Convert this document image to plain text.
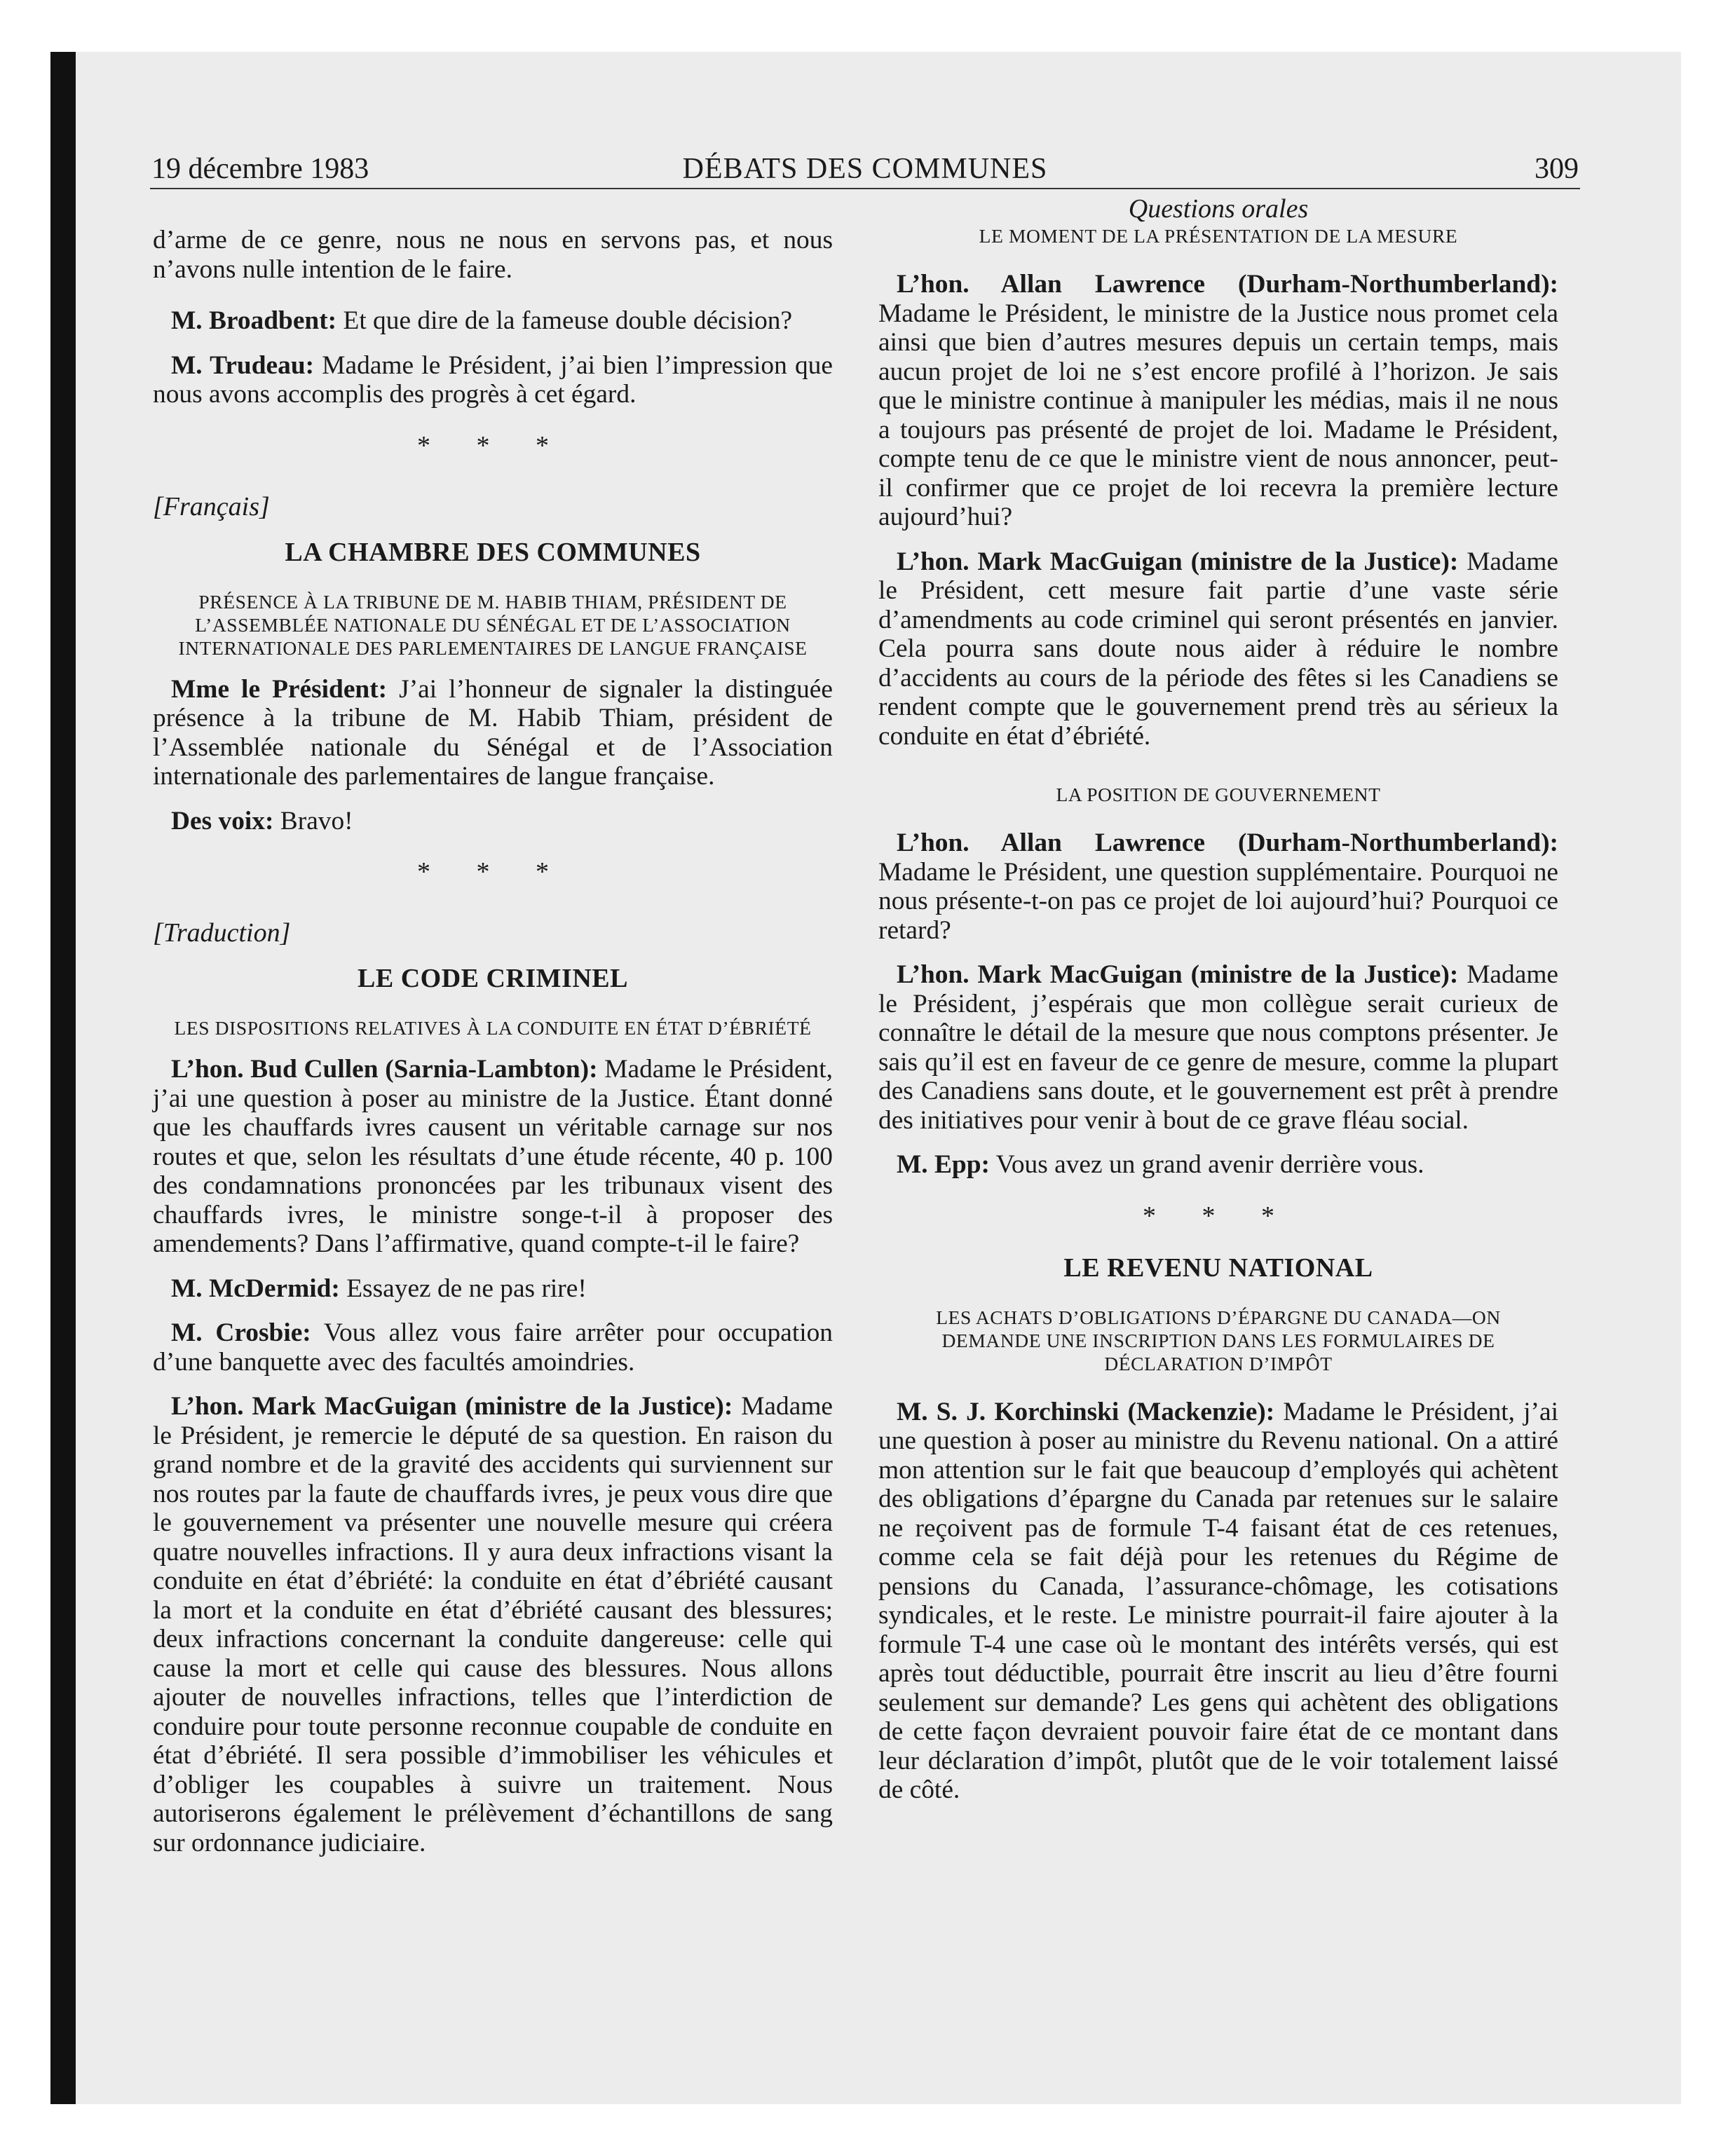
19 décembre 1983	DÉBATS DES COMMUNES	309

d’arme de ce genre, nous ne nous en servons pas, et nous n’avons nulle intention de le faire.

M. Broadbent: Et que dire de la fameuse double décision?

M. Trudeau: Madame le Président, j’ai bien l’impression que nous avons accomplis des progrès à cet égard.

* * *
[Français]
LA CHAMBRE DES COMMUNES
PRÉSENCE À LA TRIBUNE DE M. HABIB THIAM, PRÉSIDENT DE L’ASSEMBLÉE NATIONALE DU SÉNÉGAL ET DE L’ASSOCIATION INTERNATIONALE DES PARLEMENTAIRES DE LANGUE FRANÇAISE

Mme le Président: J’ai l’honneur de signaler la distinguée présence à la tribune de M. Habib Thiam, président de l’Assemblée nationale du Sénégal et de l’Association internationale des parlementaires de langue française.

Des voix: Bravo!

* * *
[Traduction]
LE CODE CRIMINEL
LES DISPOSITIONS RELATIVES À LA CONDUITE EN ÉTAT D’ÉBRIÉTÉ

L’hon. Bud Cullen (Sarnia-Lambton): Madame le Président, j’ai une question à poser au ministre de la Justice. Étant donné que les chauffards ivres causent un véritable carnage sur nos routes et que, selon les résultats d’une étude récente, 40 p. 100 des condamnations prononcées par les tribunaux visent des chauffards ivres, le ministre songe-t-il à proposer des amendements? Dans l’affirmative, quand compte-t-il le faire?

M. McDermid: Essayez de ne pas rire!

M. Crosbie: Vous allez vous faire arrêter pour occupation d’une banquette avec des facultés amoindries.

L’hon. Mark MacGuigan (ministre de la Justice): Madame le Président, je remercie le député de sa question. En raison du grand nombre et de la gravité des accidents qui surviennent sur nos routes par la faute de chauffards ivres, je peux vous dire que le gouvernement va présenter une nouvelle mesure qui créera quatre nouvelles infractions. Il y aura deux infractions visant la conduite en état d’ébriété: la conduite en état d’ébriété causant la mort et la conduite en état d’ébriété causant des blessures; deux infractions concernant la conduite dangereuse: celle qui cause la mort et celle qui cause des blessures. Nous allons ajouter de nouvelles infractions, telles que l’interdiction de conduire pour toute personne reconnue coupable de conduite en état d’ébriété. Il sera possible d’immobiliser les véhicules et d’obliger les coupables à suivre un traitement. Nous autoriserons également le prélèvement d’échantillons de sang sur ordonnance judiciaire.

Questions orales
LE MOMENT DE LA PRÉSENTATION DE LA MESURE

L’hon. Allan Lawrence (Durham-Northumberland): Madame le Président, le ministre de la Justice nous promet cela ainsi que bien d’autres mesures depuis un certain temps, mais aucun projet de loi ne s’est encore profilé à l’horizon. Je sais que le ministre continue à manipuler les médias, mais il ne nous a toujours pas présenté de projet de loi. Madame le Président, compte tenu de ce que le ministre vient de nous annoncer, peut-il confirmer que ce projet de loi recevra la première lecture aujourd’hui?

L’hon. Mark MacGuigan (ministre de la Justice): Madame le Président, cett mesure fait partie d’une vaste série d’amendments au code criminel qui seront présentés en janvier. Cela pourra sans doute nous aider à réduire le nombre d’accidents au cours de la période des fêtes si les Canadiens se rendent compte que le gouvernement prend très au sérieux la conduite en état d’ébriété.

LA POSITION DE GOUVERNEMENT

L’hon. Allan Lawrence (Durham-Northumberland): Madame le Président, une question supplémentaire. Pourquoi ne nous présente-t-on pas ce projet de loi aujourd’hui? Pourquoi ce retard?

L’hon. Mark MacGuigan (ministre de la Justice): Madame le Président, j’espérais que mon collègue serait curieux de connaître le détail de la mesure que nous comptons présenter. Je sais qu’il est en faveur de ce genre de mesure, comme la plupart des Canadiens sans doute, et le gouvernement est prêt à prendre des initiatives pour venir à bout de ce grave fléau social.

M. Epp: Vous avez un grand avenir derrière vous.

* * *
LE REVENU NATIONAL
LES ACHATS D’OBLIGATIONS D’ÉPARGNE DU CANADA—ON DEMANDE UNE INSCRIPTION DANS LES FORMULAIRES DE DÉCLARATION D’IMPÔT

M. S. J. Korchinski (Mackenzie): Madame le Président, j’ai une question à poser au ministre du Revenu national. On a attiré mon attention sur le fait que beaucoup d’employés qui achètent des obligations d’épargne du Canada par retenues sur le salaire ne reçoivent pas de formule T-4 faisant état de ces retenues, comme cela se fait déjà pour les retenues du Régime de pensions du Canada, l’assurance-chômage, les cotisations syndicales, et le reste. Le ministre pourrait-il faire ajouter à la formule T-4 une case où le montant des intérêts versés, qui est après tout déductible, pourrait être inscrit au lieu d’être fourni seulement sur demande? Les gens qui achètent des obligations de cette façon devraient pouvoir faire état de ce montant dans leur déclaration d’impôt, plutôt que de le voir totalement laissé de côté.
